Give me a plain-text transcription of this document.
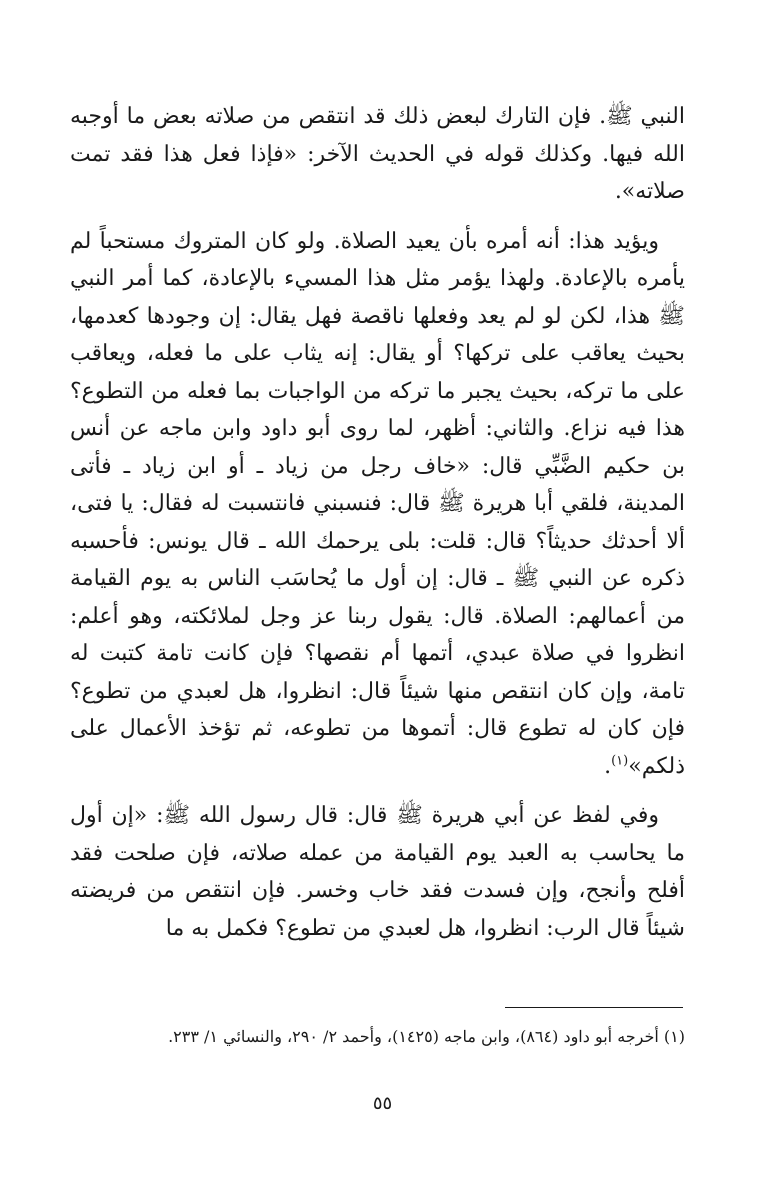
النبي ﷺ. فإن التارك لبعض ذلك قد انتقص من صلاته بعض ما أوجبه الله فيها. وكذلك قوله في الحديث الآخر: «فإذا فعل هذا فقد تمت صلاته».

ويؤيد هذا: أنه أمره بأن يعيد الصلاة. ولو كان المتروك مستحباً لم يأمره بالإعادة. ولهذا يؤمر مثل هذا المسيء بالإعادة، كما أمر النبي ﷺ هذا، لكن لو لم يعد وفعلها ناقصة فهل يقال: إن وجودها كعدمها، بحيث يعاقب على تركها؟ أو يقال: إنه يثاب على ما فعله، ويعاقب على ما تركه، بحيث يجبر ما تركه من الواجبات بما فعله من التطوع؟ هذا فيه نزاع. والثاني: أظهر، لما روى أبو داود وابن ماجه عن أنس بن حكيم الضَّبِّي قال: «خاف رجل من زياد ـ أو ابن زياد ـ فأتى المدينة، فلقي أبا هريرة ﷺ قال: فنسبني فانتسبت له فقال: يا فتى، ألا أحدثك حديثاً؟ قال: قلت: بلى يرحمك الله ـ قال يونس: فأحسبه ذكره عن النبي ﷺ ـ قال: إن أول ما يُحاسَب الناس به يوم القيامة من أعمالهم: الصلاة. قال: يقول ربنا عز وجل لملائكته، وهو أعلم: انظروا في صلاة عبدي، أتمها أم نقصها؟ فإن كانت تامة كتبت له تامة، وإن كان انتقص منها شيئاً قال: انظروا، هل لعبدي من تطوع؟ فإن كان له تطوع قال: أتموها من تطوعه، ثم تؤخذ الأعمال على ذلكم»$^{(١)}$.

وفي لفظ عن أبي هريرة ﷺ قال: قال رسول الله ﷺ: «إن أول ما يحاسب به العبد يوم القيامة من عمله صلاته، فإن صلحت فقد أفلح وأنجح، وإن فسدت فقد خاب وخسر. فإن انتقص من فريضته شيئاً قال الرب: انظروا، هل لعبدي من تطوع؟ فكمل به ما

(١) أخرجه أبو داود (٨٦٤)، وابن ماجه (١٤٢٥)، وأحمد ٢/ ٢٩٠، والنسائي ١/ ٢٣٣.
٥٥
